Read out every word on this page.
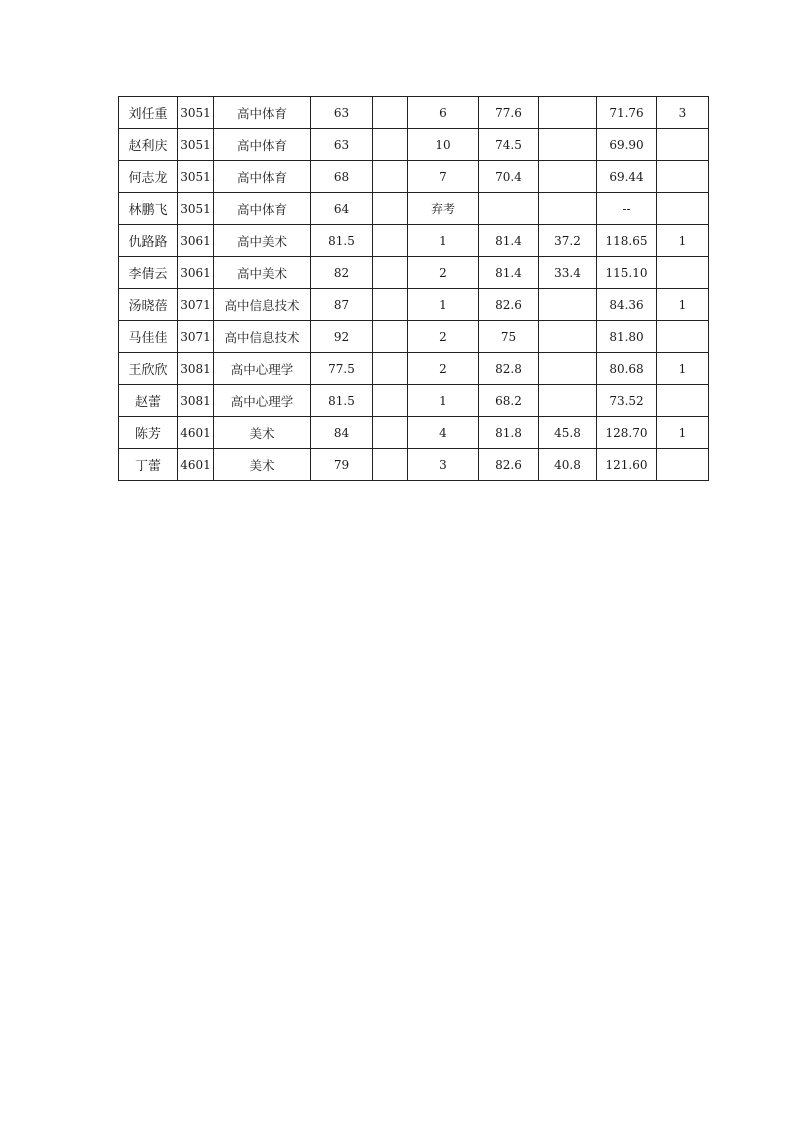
刘任重	3051	高中体育	63		6	77.6		71.76	3
赵利庆	3051	高中体育	63		10	74.5		69.90	
何志龙	3051	高中体育	68		7	70.4		69.44	
林鹏飞	3051	高中体育	64		弃考			--	
仇路路	3061	高中美术	81.5		1	81.4	37.2	118.65	1
李倩云	3061	高中美术	82		2	81.4	33.4	115.10	
汤晓蓓	3071	高中信息技术	87		1	82.6		84.36	1
马佳佳	3071	高中信息技术	92		2	75		81.80	
王欣欣	3081	高中心理学	77.5		2	82.8		80.68	1
赵蕾	3081	高中心理学	81.5		1	68.2		73.52	
陈芳	4601	美术	84		4	81.8	45.8	128.70	1
丁蕾	4601	美术	79		3	82.6	40.8	121.60	
